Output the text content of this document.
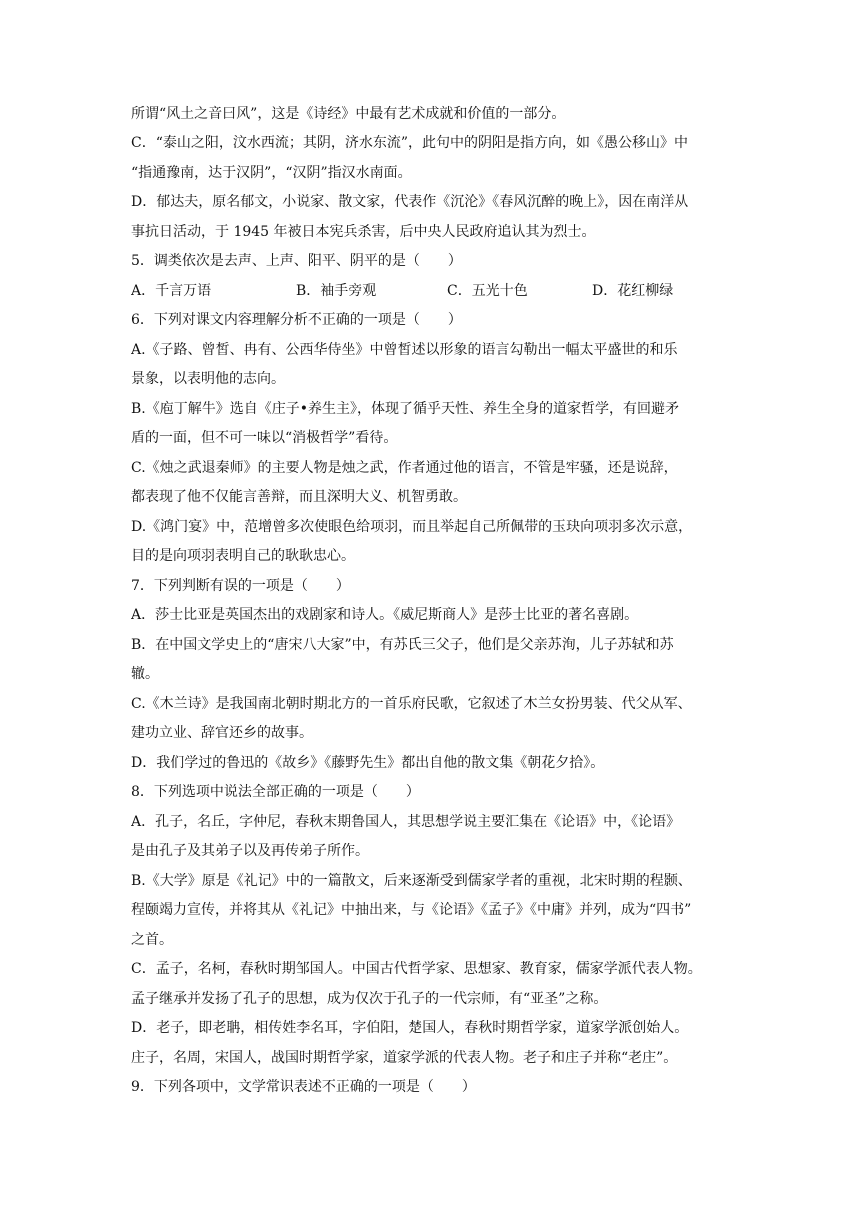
所谓“风土之音曰风”，这是《诗经》中最有艺术成就和价值的一部分。
C．“泰山之阳，汶水西流；其阴，济水东流”，此句中的阴阳是指方向，如《愚公移山》中
“指通豫南，达于汉阴”，“汉阴”指汉水南面。
D．郁达夫，原名郁文，小说家、散文家，代表作《沉沦》《春风沉醉的晚上》，因在南洋从
事抗日活动，于 1945 年被日本宪兵杀害，后中央人民政府追认其为烈士。
5．调类依次是去声、上声、阳平、阴平的是（　　）
A．千言万语	B．袖手旁观	C．五光十色	D．花红柳绿
6．下列对课文内容理解分析不正确的一项是（　　）
A.《子路、曾皙、冉有、公西华侍坐》中曾皙述以形象的语言勾勒出一幅太平盛世的和乐
景象，以表明他的志向。
B.《庖丁解牛》选自《庄子•养生主》，体现了循乎天性、养生全身的道家哲学，有回避矛
盾的一面，但不可一味以“消极哲学”看待。
C.《烛之武退秦师》的主要人物是烛之武，作者通过他的语言，不管是牢骚，还是说辞，
都表现了他不仅能言善辩，而且深明大义、机智勇敢。
D.《鸿门宴》中，范增曾多次使眼色给项羽，而且举起自己所佩带的玉玦向项羽多次示意，
目的是向项羽表明自己的耿耿忠心。
7．下列判断有误的一项是（　　）
A．莎士比亚是英国杰出的戏剧家和诗人。《威尼斯商人》是莎士比亚的著名喜剧。
B．在中国文学史上的“唐宋八大家”中，有苏氏三父子，他们是父亲苏洵，儿子苏轼和苏
辙。
C.《木兰诗》是我国南北朝时期北方的一首乐府民歌，它叙述了木兰女扮男装、代父从军、
建功立业、辞官还乡的故事。
D．我们学过的鲁迅的《故乡》《藤野先生》都出自他的散文集《朝花夕拾》。
8．下列选项中说法全部正确的一项是（　　）
A．孔子，名丘，字仲尼，春秋末期鲁国人，其思想学说主要汇集在《论语》中，《论语》
是由孔子及其弟子以及再传弟子所作。
B.《大学》原是《礼记》中的一篇散文，后来逐渐受到儒家学者的重视，北宋时期的程颢、
程颐竭力宣传，并将其从《礼记》中抽出来，与《论语》《孟子》《中庸》并列，成为“四书”
之首。
C．孟子，名柯，春秋时期邹国人。中国古代哲学家、思想家、教育家，儒家学派代表人物。
孟子继承并发扬了孔子的思想，成为仅次于孔子的一代宗师，有“亚圣”之称。
D．老子，即老聃，相传姓李名耳，字伯阳，楚国人，春秋时期哲学家，道家学派创始人。
庄子，名周，宋国人，战国时期哲学家，道家学派的代表人物。老子和庄子并称“老庄”。
9．下列各项中，文学常识表述不正确的一项是（　　）
